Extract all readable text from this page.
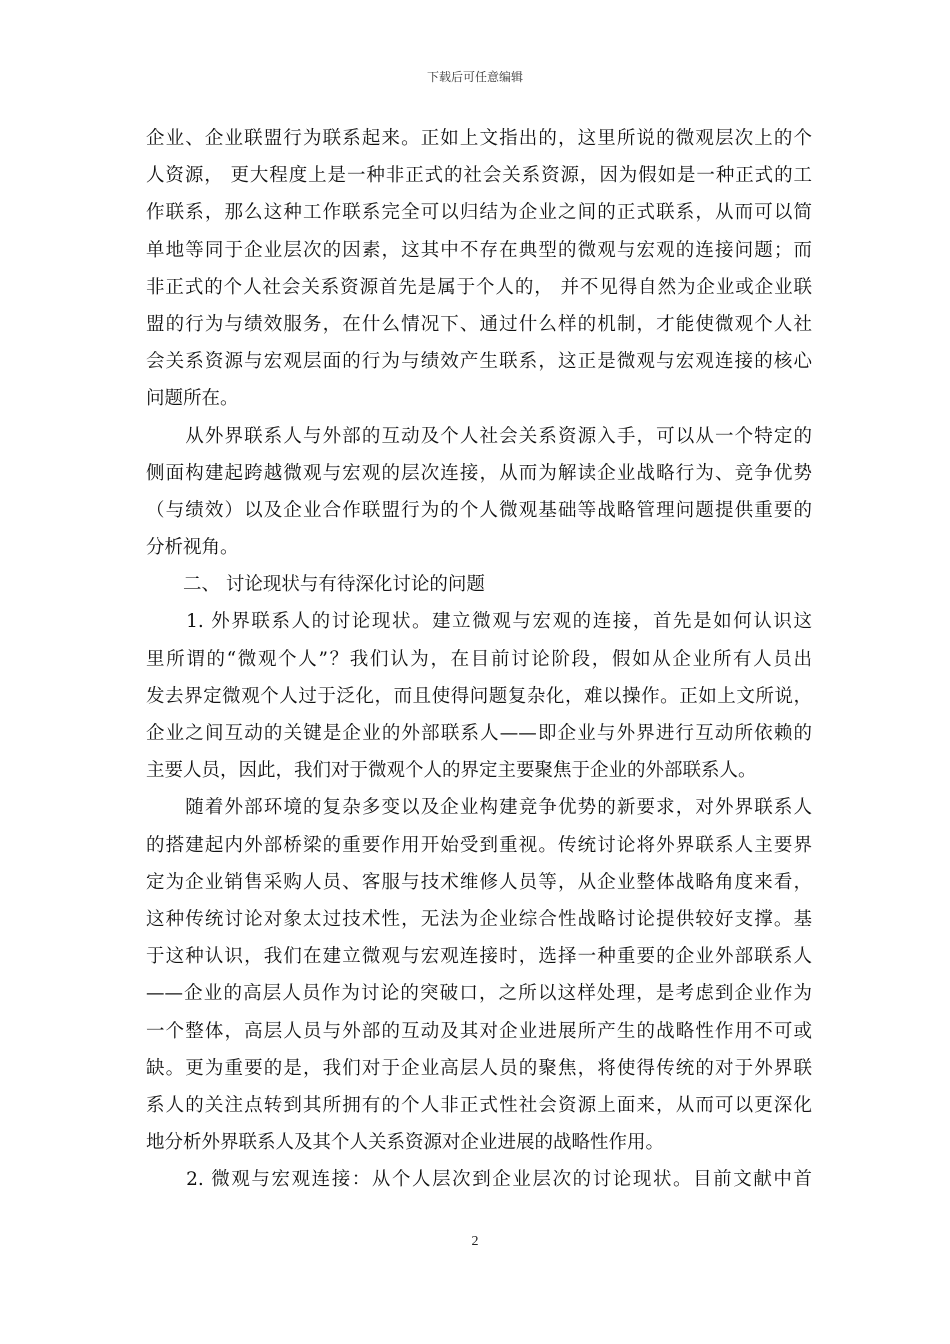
下载后可任意编辑
企业、企业联盟行为联系起来。正如上文指出的，这里所说的微观层次上的个
人资源， 更大程度上是一种非正式的社会关系资源，因为假如是一种正式的工
作联系，那么这种工作联系完全可以归结为企业之间的正式联系，从而可以简
单地等同于企业层次的因素，这其中不存在典型的微观与宏观的连接问题；而
非正式的个人社会关系资源首先是属于个人的， 并不见得自然为企业或企业联
盟的行为与绩效服务，在什么情况下、通过什么样的机制，才能使微观个人社
会关系资源与宏观层面的行为与绩效产生联系，这正是微观与宏观连接的核心
问题所在。
　　从外界联系人与外部的互动及个人社会关系资源入手，可以从一个特定的
侧面构建起跨越微观与宏观的层次连接，从而为解读企业战略行为、竞争优势
（与绩效）以及企业合作联盟行为的个人微观基础等战略管理问题提供重要的
分析视角。
　　二、 讨论现状与有待深化讨论的问题
　　1. 外界联系人的讨论现状。建立微观与宏观的连接，首先是如何认识这
里所谓的“微观个人”？我们认为，在目前讨论阶段，假如从企业所有人员出
发去界定微观个人过于泛化，而且使得问题复杂化，难以操作。正如上文所说，
企业之间互动的关键是企业的外部联系人——即企业与外界进行互动所依赖的
主要人员，因此，我们对于微观个人的界定主要聚焦于企业的外部联系人。
　　随着外部环境的复杂多变以及企业构建竞争优势的新要求，对外界联系人
的搭建起内外部桥梁的重要作用开始受到重视。传统讨论将外界联系人主要界
定为企业销售采购人员、客服与技术维修人员等，从企业整体战略角度来看，
这种传统讨论对象太过技术性，无法为企业综合性战略讨论提供较好支撑。基
于这种认识，我们在建立微观与宏观连接时，选择一种重要的企业外部联系人
——企业的高层人员作为讨论的突破口，之所以这样处理，是考虑到企业作为
一个整体，高层人员与外部的互动及其对企业进展所产生的战略性作用不可或
缺。更为重要的是，我们对于企业高层人员的聚焦，将使得传统的对于外界联
系人的关注点转到其所拥有的个人非正式性社会资源上面来，从而可以更深化
地分析外界联系人及其个人关系资源对企业进展的战略性作用。
　　2. 微观与宏观连接：从个人层次到企业层次的讨论现状。目前文献中首
2
